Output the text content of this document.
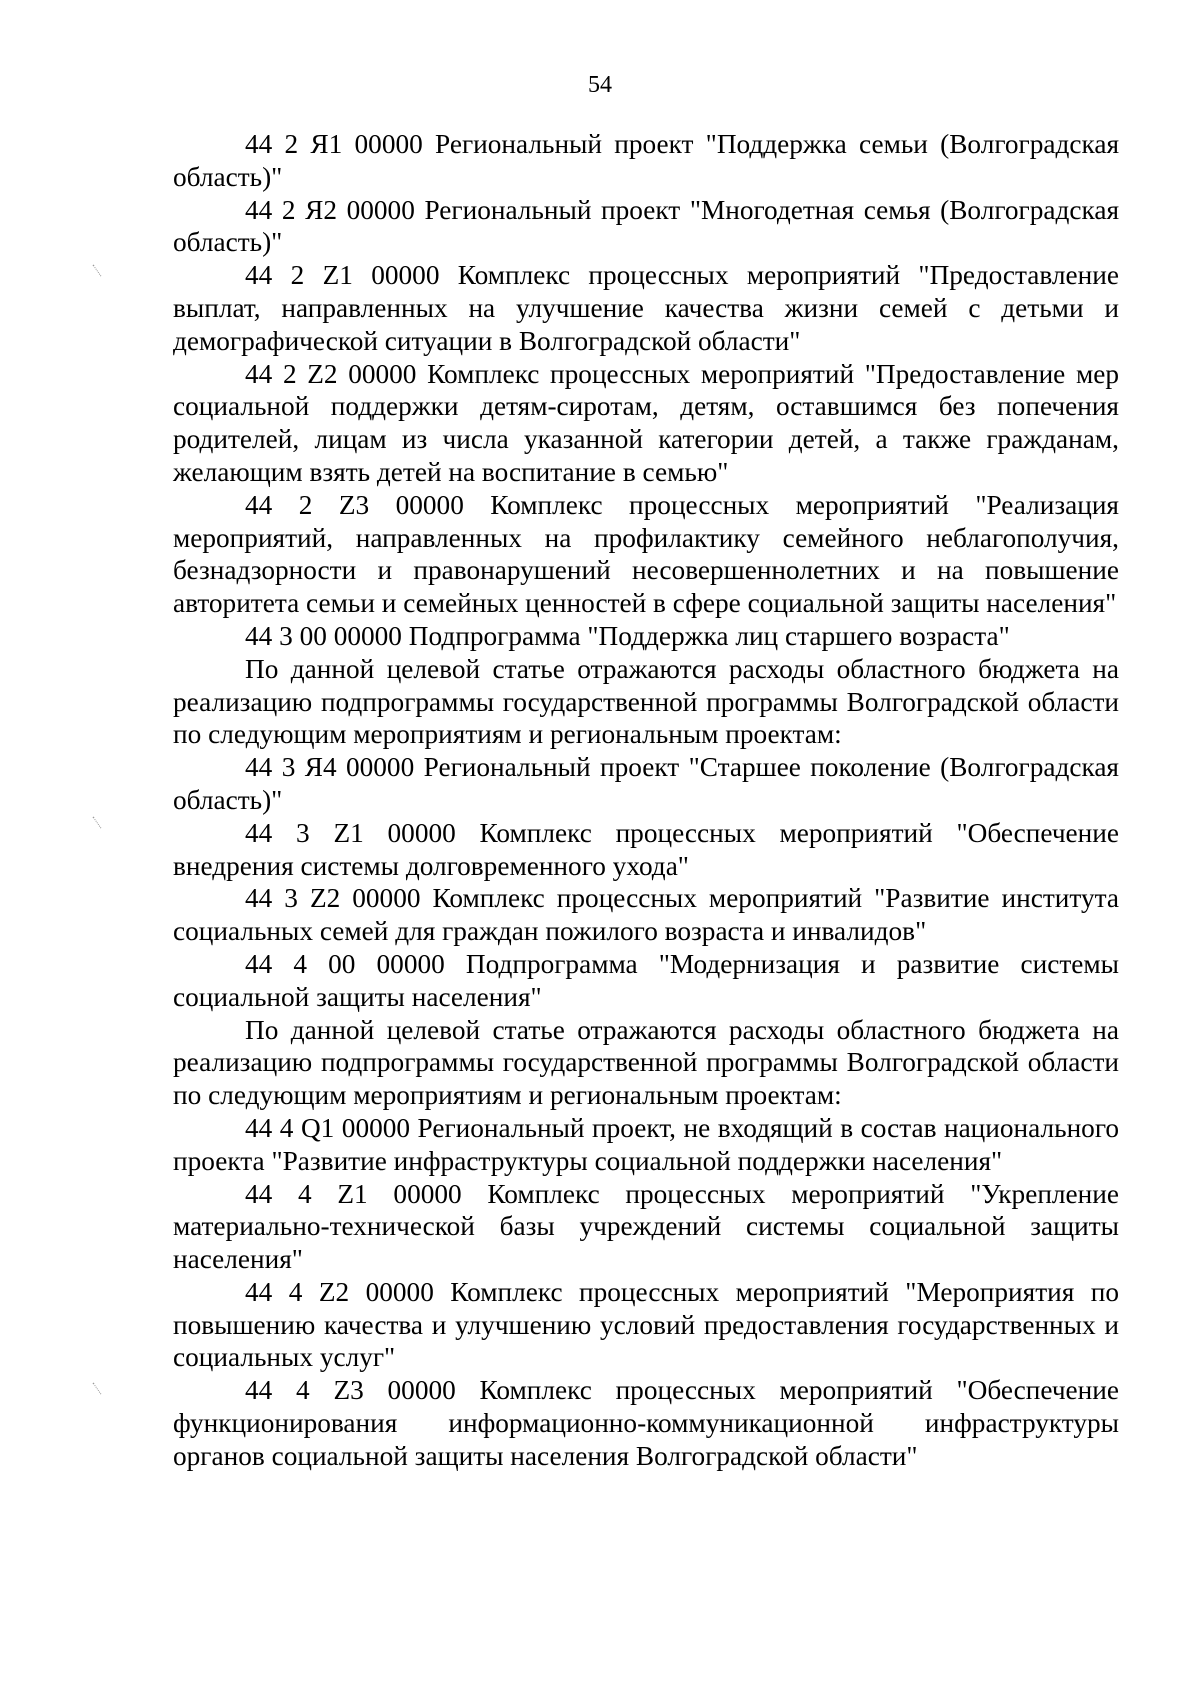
54

44 2 Я1 00000 Региональный проект "Поддержка семьи (Волгоградская область)"

44 2 Я2 00000 Региональный проект "Многодетная семья (Волгоградская область)"

44 2 Z1 00000 Комплекс процессных мероприятий "Предоставление выплат, направленных на улучшение качества жизни семей с детьми и демографической ситуации в Волгоградской области"

44 2 Z2 00000 Комплекс процессных мероприятий "Предоставление мер социальной поддержки детям-сиротам, детям, оставшимся без попечения родителей, лицам из числа указанной категории детей, а также гражданам, желающим взять детей на воспитание в семью"

44 2 Z3 00000 Комплекс процессных мероприятий "Реализация мероприятий, направленных на профилактику семейного неблагополучия, безнадзорности и правонарушений несовершеннолетних и на повышение авторитета семьи и семейных ценностей в сфере социальной защиты населения"

44 3 00 00000 Подпрограмма "Поддержка лиц старшего возраста"

По данной целевой статье отражаются расходы областного бюджета на реализацию подпрограммы государственной программы Волгоградской области по следующим мероприятиям и региональным проектам:

44 3 Я4 00000 Региональный проект "Старшее поколение (Волгоградская область)"

44 3 Z1 00000 Комплекс процессных мероприятий "Обеспечение внедрения системы долговременного ухода"

44 3 Z2 00000 Комплекс процессных мероприятий "Развитие института социальных семей для граждан пожилого возраста и инвалидов"

44 4 00 00000 Подпрограмма "Модернизация и развитие системы социальной защиты населения"

По данной целевой статье отражаются расходы областного бюджета на реализацию подпрограммы государственной программы Волгоградской области по следующим мероприятиям и региональным проектам:

44 4 Q1 00000 Региональный проект, не входящий в состав национального проекта "Развитие инфраструктуры социальной поддержки населения"

44 4 Z1 00000 Комплекс процессных мероприятий "Укрепление материально-технической базы учреждений системы социальной защиты населения"

44 4 Z2 00000 Комплекс процессных мероприятий "Мероприятия по повышению качества и улучшению условий предоставления государственных и социальных услуг"

44 4 Z3 00000 Комплекс процессных мероприятий "Обеспечение функционирования информационно-коммуникационной инфраструктуры органов социальной защиты населения Волгоградской области"
